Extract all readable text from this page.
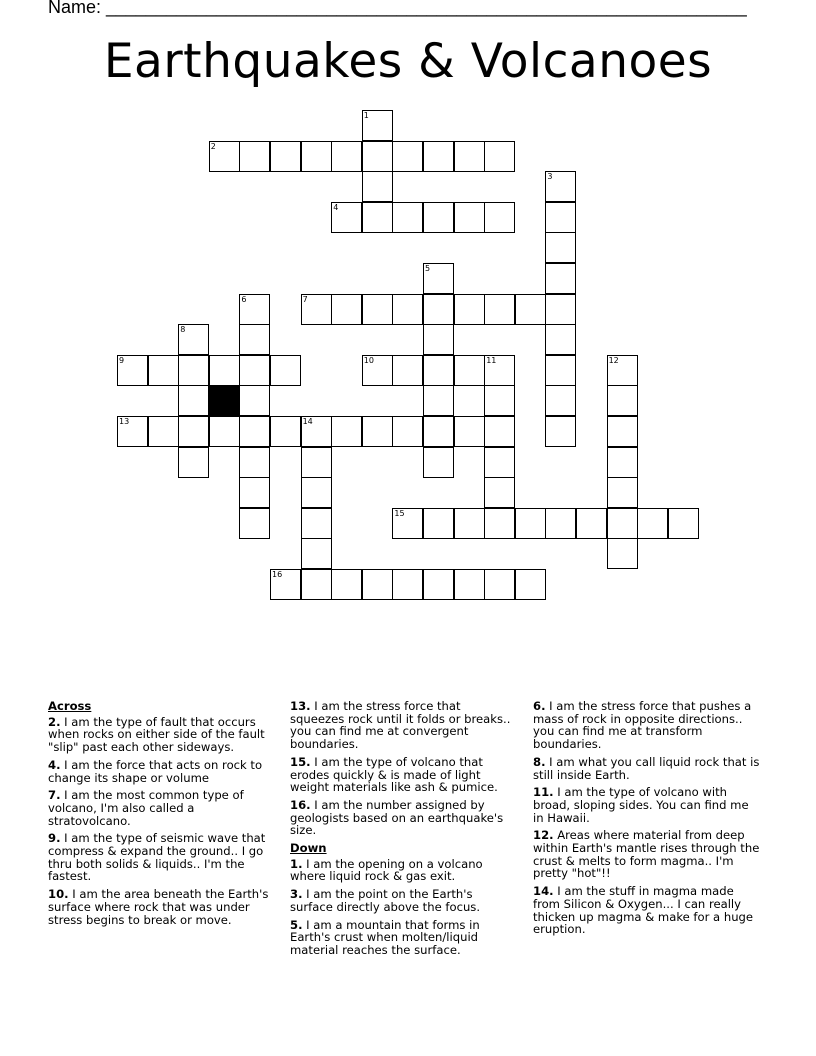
Name: ________________________________________________________________
Earthquakes & Volcanoes
1
2
3
4
5
6	7
8
9	10	11	12
13	14
15
16
Across
2. I am the type of fault that occurs when rocks on either side of the fault "slip" past each other sideways.
4. I am the force that acts on rock to change its shape or volume
7. I am the most common type of volcano, I'm also called a stratovolcano.
9. I am the type of seismic wave that compress & expand the ground.. I go thru both solids & liquids.. I'm the fastest.
10. I am the area beneath the Earth's surface where rock that was under stress begins to break or move.
13. I am the stress force that squeezes rock until it folds or breaks.. you can find me at convergent boundaries.
15. I am the type of volcano that erodes quickly & is made of light weight materials like ash & pumice.
16. I am the number assigned by geologists based on an earthquake's size.
Down
1. I am the opening on a volcano where liquid rock & gas exit.
3. I am the point on the Earth's surface directly above the focus.
5. I am a mountain that forms in Earth's crust when molten/liquid material reaches the surface.
6. I am the stress force that pushes a mass of rock in opposite directions.. you can find me at transform boundaries.
8. I am what you call liquid rock that is still inside Earth.
11. I am the type of volcano with broad, sloping sides. You can find me in Hawaii.
12. Areas where material from deep within Earth's mantle rises through the crust & melts to form magma.. I'm pretty "hot"!!
14. I am the stuff in magma made from Silicon & Oxygen... I can really thicken up magma & make for a huge eruption.
